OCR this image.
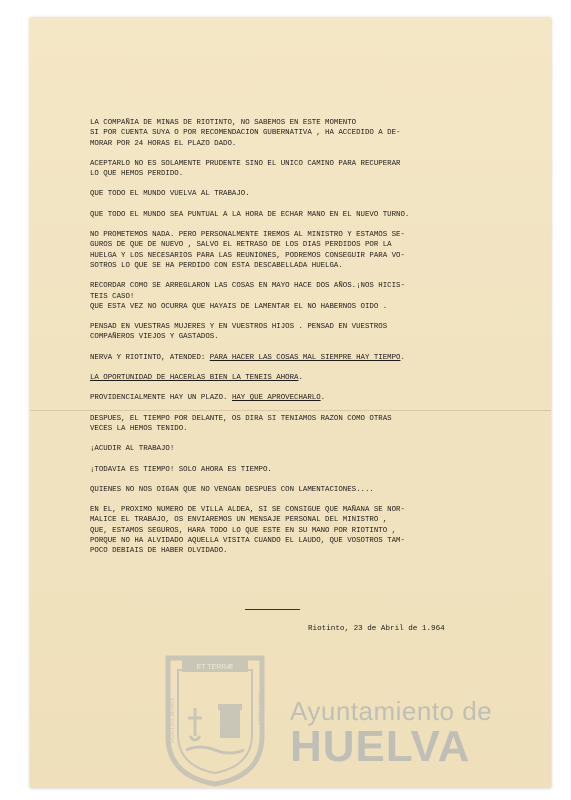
LA COMPAÑIA DE MINAS DE RIOTINTO, NO SABEMOS EN ESTE MOMENTO
SI POR CUENTA SUYA O POR RECOMENDACION GUBERNATIVA , HA ACCEDIDO A DE-
MORAR POR 24 HORAS EL PLAZO DADO.

ACEPTARLO NO ES SOLAMENTE PRUDENTE SINO EL UNICO CAMINO PARA RECUPERAR
LO QUE HEMOS PERDIDO.

QUE TODO EL MUNDO VUELVA AL TRABAJO.

QUE TODO EL MUNDO SEA PUNTUAL A LA HORA DE ECHAR MANO EN EL NUEVO TURNO.

NO PROMETEMOS NADA. PERO PERSONALMENTE IREMOS AL MINISTRO Y ESTAMOS SE-
GUROS DE QUE DE NUEVO , SALVO EL RETRASO DE LOS DIAS PERDIDOS POR LA
HUELGA Y LOS NECESARIOS PARA LAS REUNIONES, PODREMOS CONSEGUIR PARA VO-
SOTROS LO QUE SE HA PERDIDO CON ESTA DESCABELLADA HUELGA.

RECORDAR COMO SE ARREGLARON LAS COSAS EN MAYO HACE DOS AÑOS.¡NOS HICIS-
TEIS CASO!
QUE ESTA VEZ NO OCURRA QUE HAYAIS DE LAMENTAR EL NO HABERNOS OIDO .

PENSAD EN VUESTRAS MUJERES Y EN VUESTROS HIJOS . PENSAD EN VUESTROS
COMPAÑEROS VIEJOS Y GASTADOS.

NERVA Y RIOTINTO, ATENDED: PARA HACER LAS COSAS MAL SIEMPRE HAY TIEMPO.

LA OPORTUNIDAD DE HACERLAS BIEN LA TENEIS AHORA.

PROVIDENCIALMENTE HAY UN PLAZO. HAY QUE APROVECHARLO.

DESPUES, EL TIEMPO POR DELANTE, OS DIRA SI TENIAMOS RAZON COMO OTRAS
VECES LA HEMOS TENIDO.

¡ACUDIR AL TRABAJO!

¡TODAVIA ES TIEMPO! SOLO AHORA ES TIEMPO.

QUIENES NO NOS OIGAN QUE NO VENGAN DESPUES CON LAMENTACIONES....

EN EL, PROXIMO NUMERO DE VILLA ALDEA, SI SE CONSIGUE QUE MAÑANA SE NOR-
MALICE EL TRABAJO, OS ENVIAREMOS UN MENSAJE PERSONAL DEL MINISTRO ,
QUE, ESTAMOS SEGUROS, HARA TODO LO QUE ESTE EN SU MANO POR RIOTINTO ,
PORQUE NO HA ALVIDADO AQUELLA VISITA CUANDO EL LAUDO, QUE VOSOTROS TAM-
POCO DEBIAIS DE HABER OLVIDADO.

Riotinto, 23 de Abril de 1.964
ET TERRÆ
PORTUS MARIS	CUSTODIA Ayuntamiento de
HUELVA
